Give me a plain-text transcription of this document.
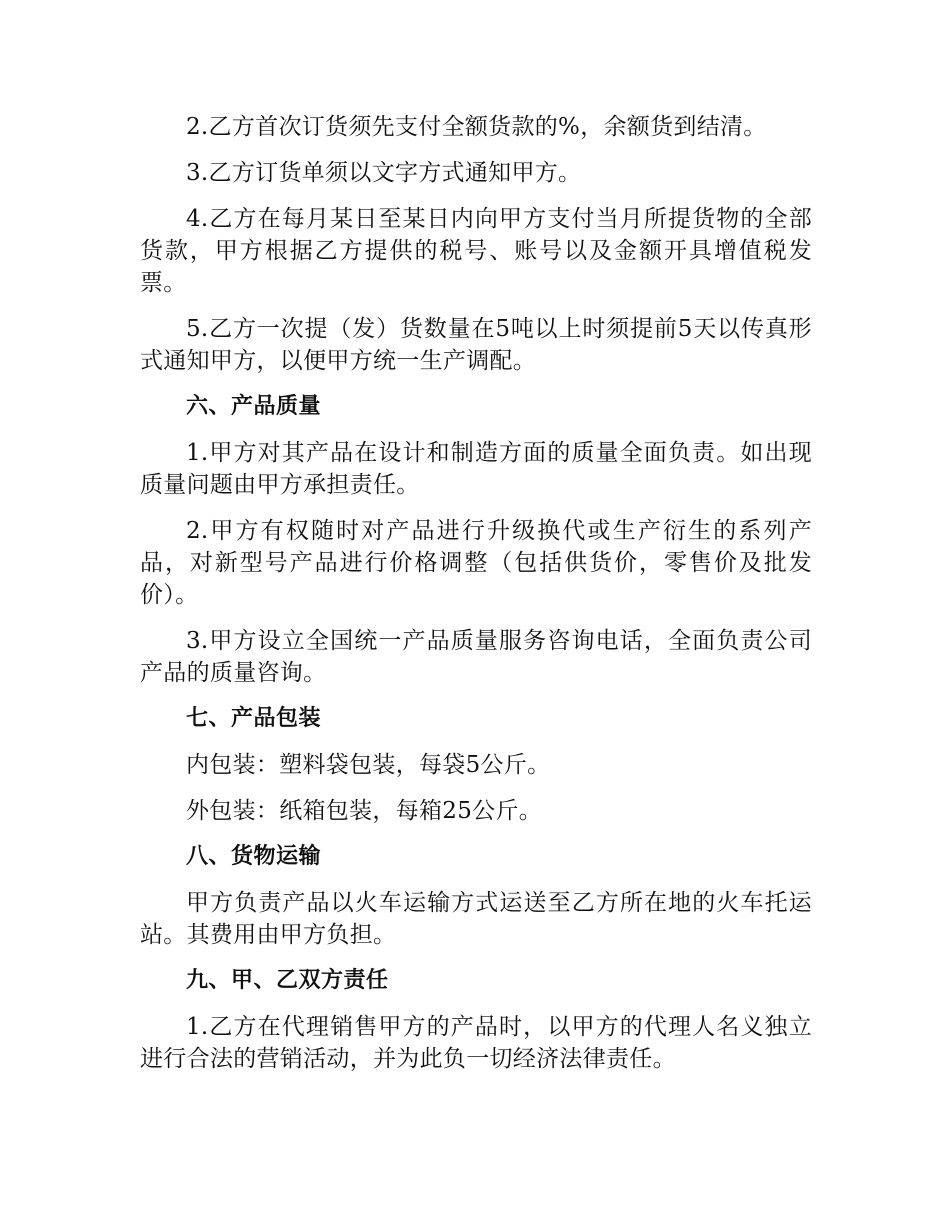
2.乙方首次订货须先支付全额货款的%，余额货到结清。

3.乙方订货单须以文字方式通知甲方。

4.乙方在每月某日至某日内向甲方支付当月所提货物的全部货款，甲方根据乙方提供的税号、账号以及金额开具增值税发票。

5.乙方一次提（发）货数量在5吨以上时须提前5天以传真形式通知甲方，以便甲方统一生产调配。

六、产品质量

1.甲方对其产品在设计和制造方面的质量全面负责。如出现质量问题由甲方承担责任。

2.甲方有权随时对产品进行升级换代或生产衍生的系列产品，对新型号产品进行价格调整（包括供货价，零售价及批发价）。

3.甲方设立全国统一产品质量服务咨询电话，全面负责公司产品的质量咨询。

七、产品包装

内包装：塑料袋包装，每袋5公斤。

外包装：纸箱包装，每箱25公斤。

八、货物运输

甲方负责产品以火车运输方式运送至乙方所在地的火车托运站。其费用由甲方负担。

九、甲、乙双方责任

1.乙方在代理销售甲方的产品时，以甲方的代理人名义独立进行合法的营销活动，并为此负一切经济法律责任。
